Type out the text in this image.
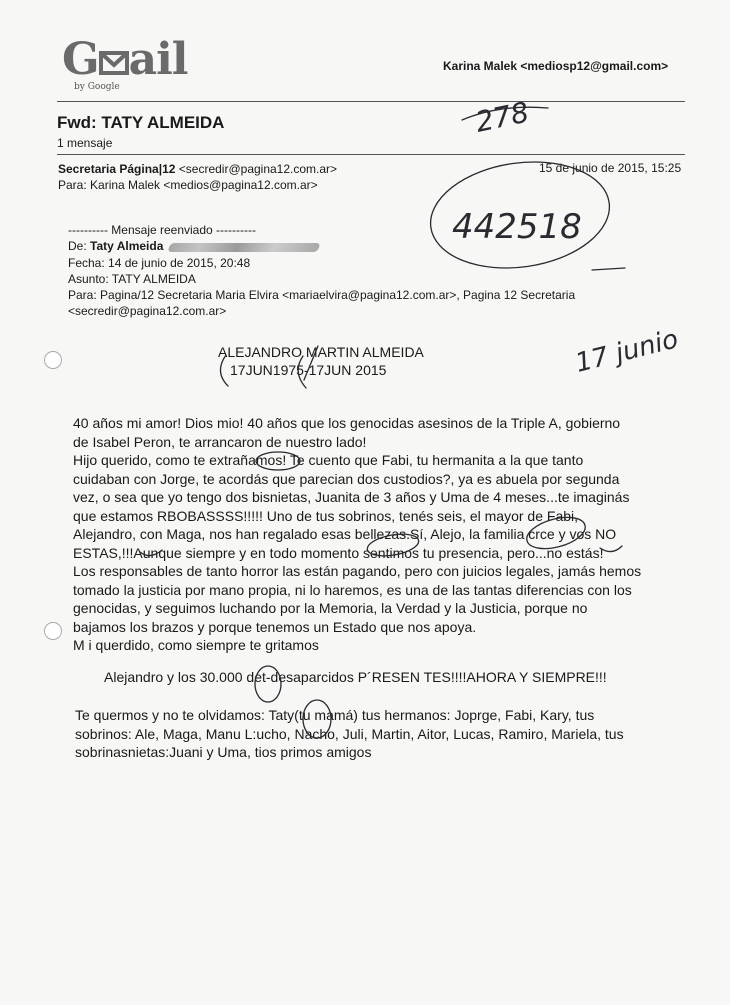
G ail
by Google
Karina Malek <mediosp12@gmail.com>
Fwd: TATY ALMEIDA
1 mensaje
Secretaria Página|12 <secredir@pagina12.com.ar>	15 de junio de 2015, 15:25
Para: Karina Malek <medios@pagina12.com.ar>
---------- Mensaje reenviado ----------
De: Taty Almeida
Fecha: 14 de junio de 2015, 20:48
Asunto: TATY ALMEIDA
Para: Pagina/12 Secretaria Maria Elvira <mariaelvira@pagina12.com.ar>, Pagina 12 Secretaria
<secredir@pagina12.com.ar>
ALEJANDRO MARTIN ALMEIDA
17JUN1975-17JUN 2015

40 años mi amor! Dios mio! 40 años que los genocidas asesinos de la Triple A, gobierno

de Isabel Peron, te arrancaron de nuestro lado!

Hijo querido, como te extrañamos! Te cuento que Fabi, tu hermanita a la que tanto

cuidaban con Jorge, te acordás que parecian dos custodios?, ya es abuela por segunda

vez, o sea que yo tengo dos bisnietas, Juanita de 3 años y Uma de 4 meses...te imaginás

que estamos RBOBASSSS!!!!! Uno de tus sobrinos, tenés seis, el mayor de Fabi,

Alejandro, con Maga, nos han regalado esas bellezas.Sí, Alejo, la familia crce y vos NO

ESTAS,!!!Aunque siempre y en todo momento sentimos tu presencia, pero...no estás!

Los responsables de tanto horror las están pagando, pero con juicios legales, jamás hemos

tomado la justicia por mano propia, ni lo haremos, es una de las tantas diferencias con los

genocidas, y seguimos luchando por la Memoria, la Verdad y la Justicia, porque no

bajamos los brazos y porque tenemos un Estado que nos apoya.

M i querdido, como siempre te gritamos

Alejandro y los 30.000 det-desaparcidos P´RESEN TES!!!!AHORA Y SIEMPRE!!!
Te quermos y no te olvidamos: Taty(tu mamá) tus hermanos: Joprge, Fabi, Kary, tus
sobrinos: Ale, Maga, Manu L:ucho, Nacho, Juli, Martin, Aitor, Lucas, Ramiro, Mariela, tus
sobrinasnietas:Juani y Uma, tios primos amigos
278
442518
17 junio
